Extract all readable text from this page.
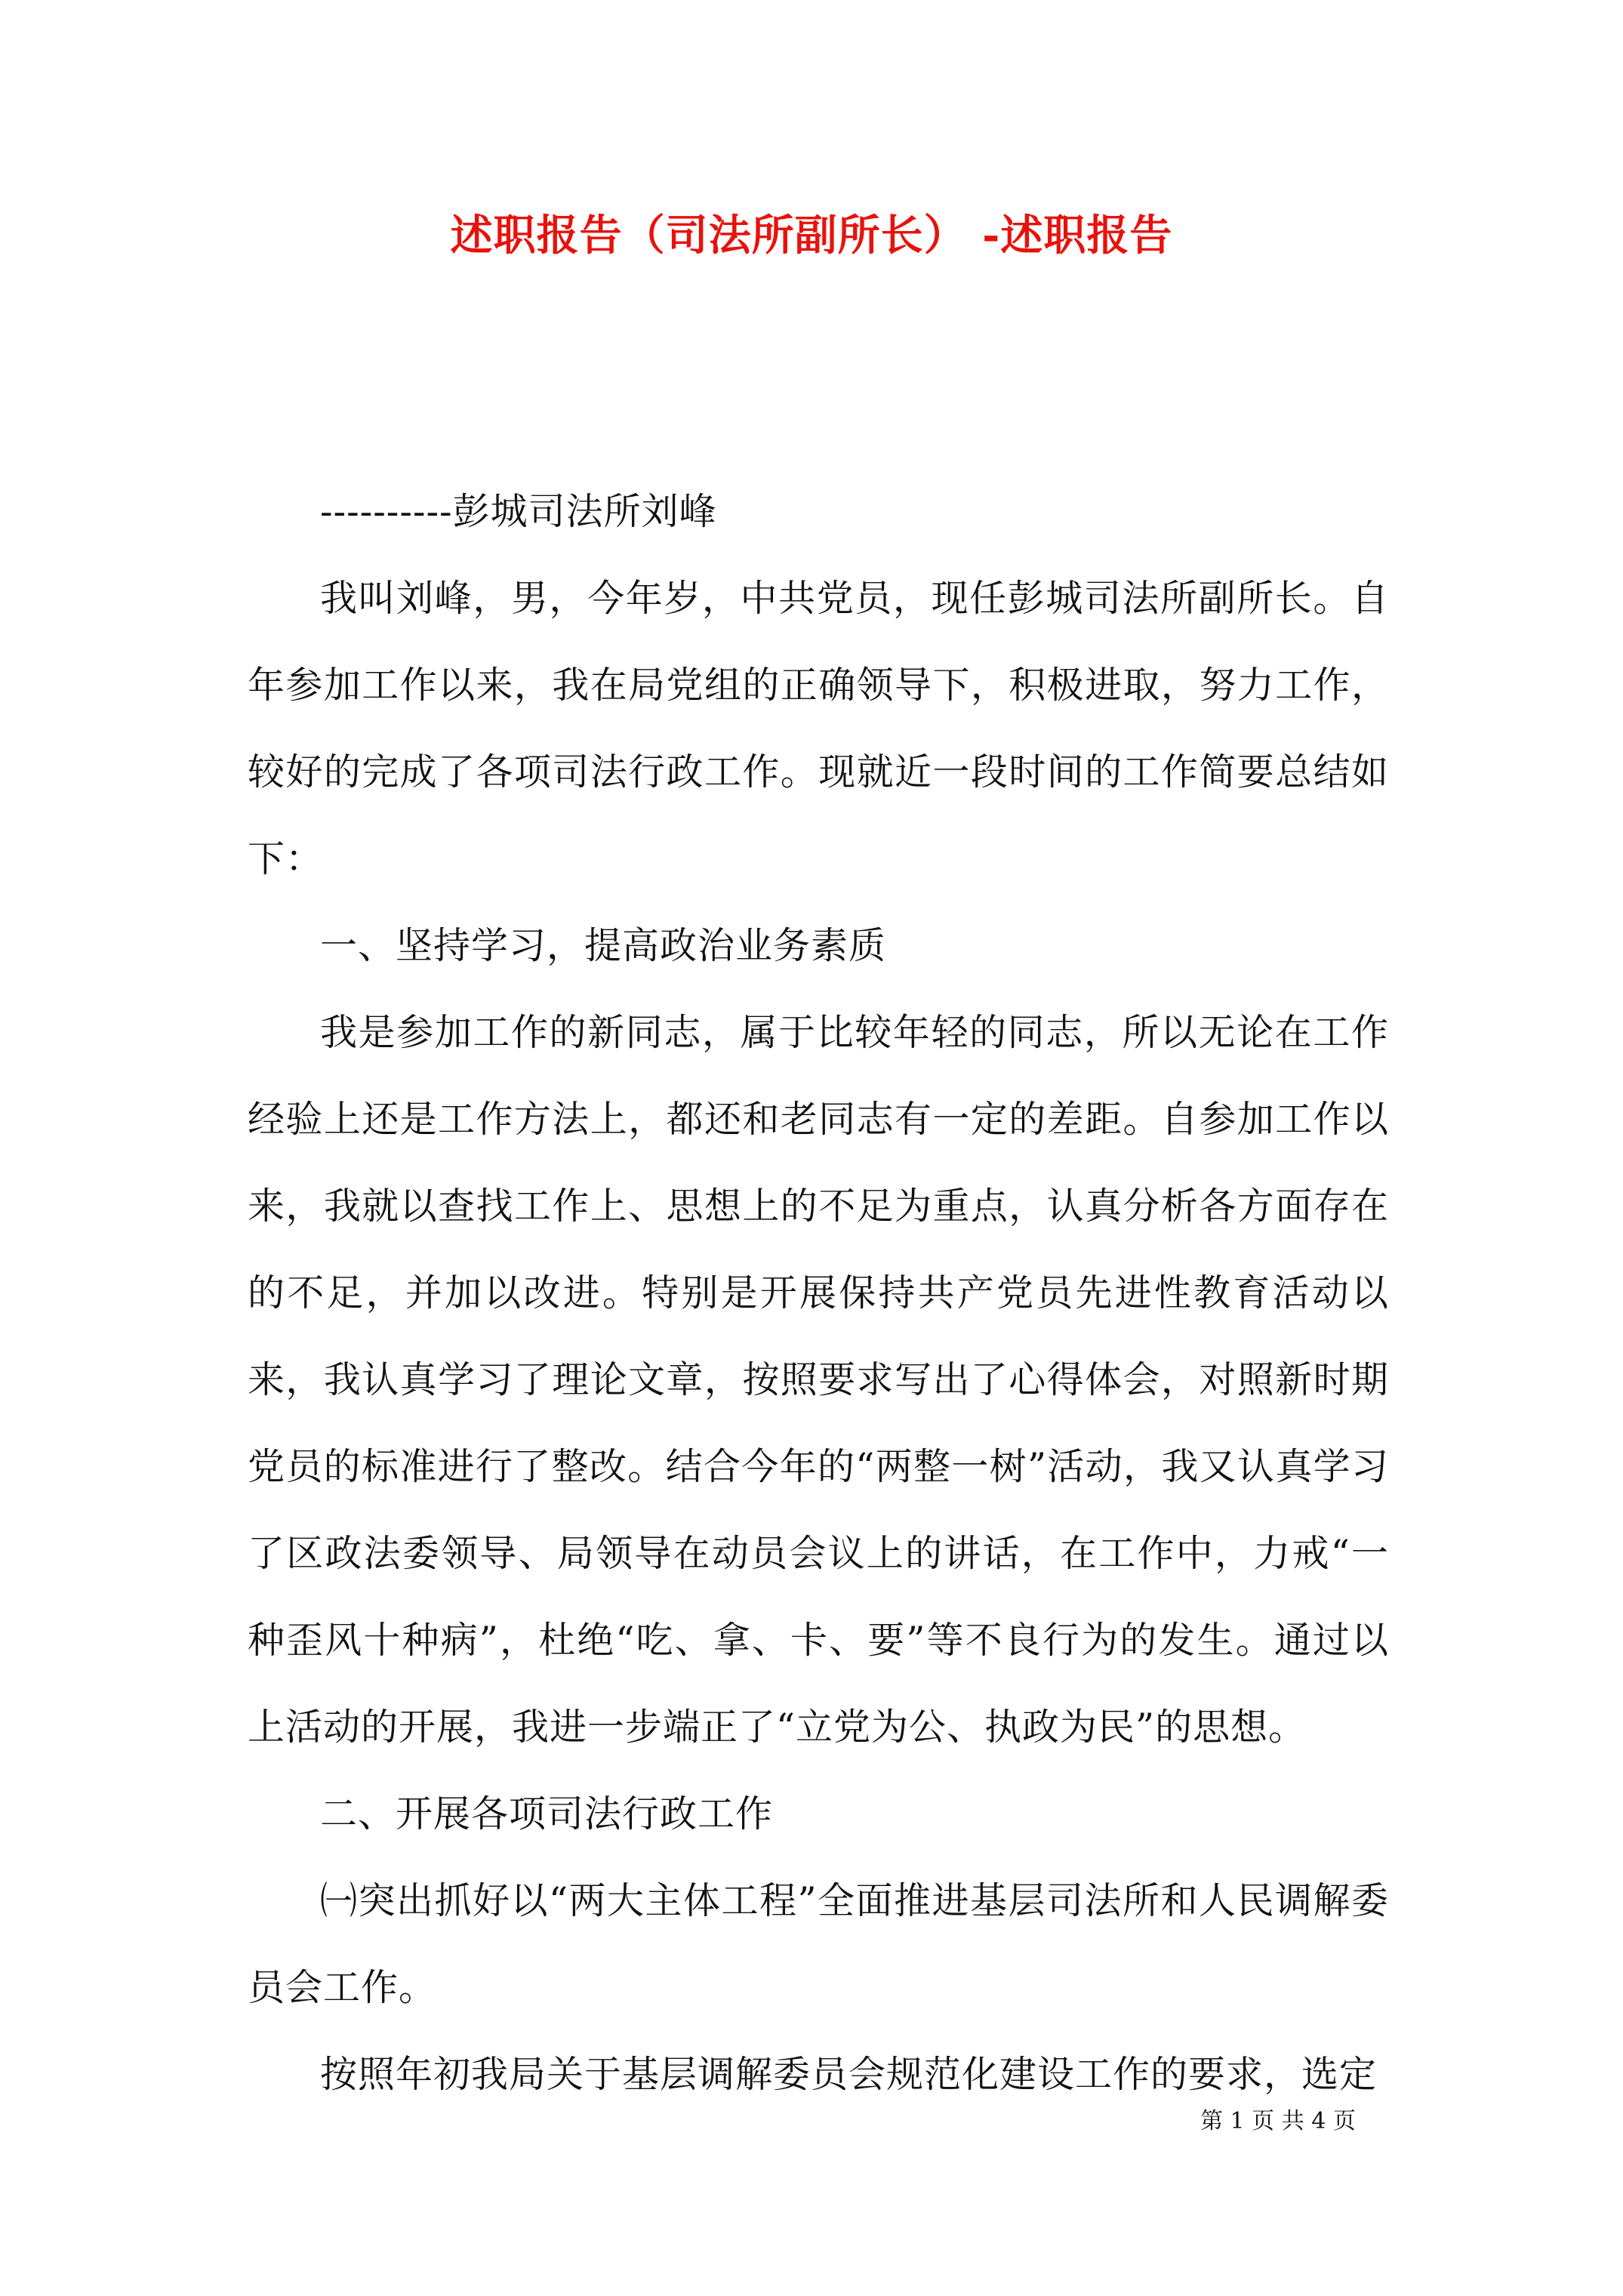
述职报告（司法所副所长） -述职报告

----------彭城司法所刘峰

我叫刘峰，男，今年岁，中共党员，现任彭城司法所副所长。自年参加工作以来，我在局党组的正确领导下，积极进取，努力工作，较好的完成了各项司法行政工作。现就近一段时间的工作简要总结如下：

一、坚持学习，提高政治业务素质

我是参加工作的新同志，属于比较年轻的同志，所以无论在工作经验上还是工作方法上，都还和老同志有一定的差距。自参加工作以来，我就以查找工作上、思想上的不足为重点，认真分析各方面存在的不足，并加以改进。特别是开展保持共产党员先进性教育活动以来，我认真学习了理论文章，按照要求写出了心得体会，对照新时期党员的标准进行了整改。结合今年的“两整一树”活动，我又认真学习了区政法委领导、局领导在动员会议上的讲话，在工作中，力戒“一种歪风十种病”，杜绝“吃、拿、卡、要”等不良行为的发生。通过以上活动的开展，我进一步端正了“立党为公、执政为民”的思想。

二、开展各项司法行政工作

㈠突出抓好以“两大主体工程”全面推进基层司法所和人民调解委员会工作。

按照年初我局关于基层调解委员会规范化建设工作的要求，选定

第 1 页 共 4 页
